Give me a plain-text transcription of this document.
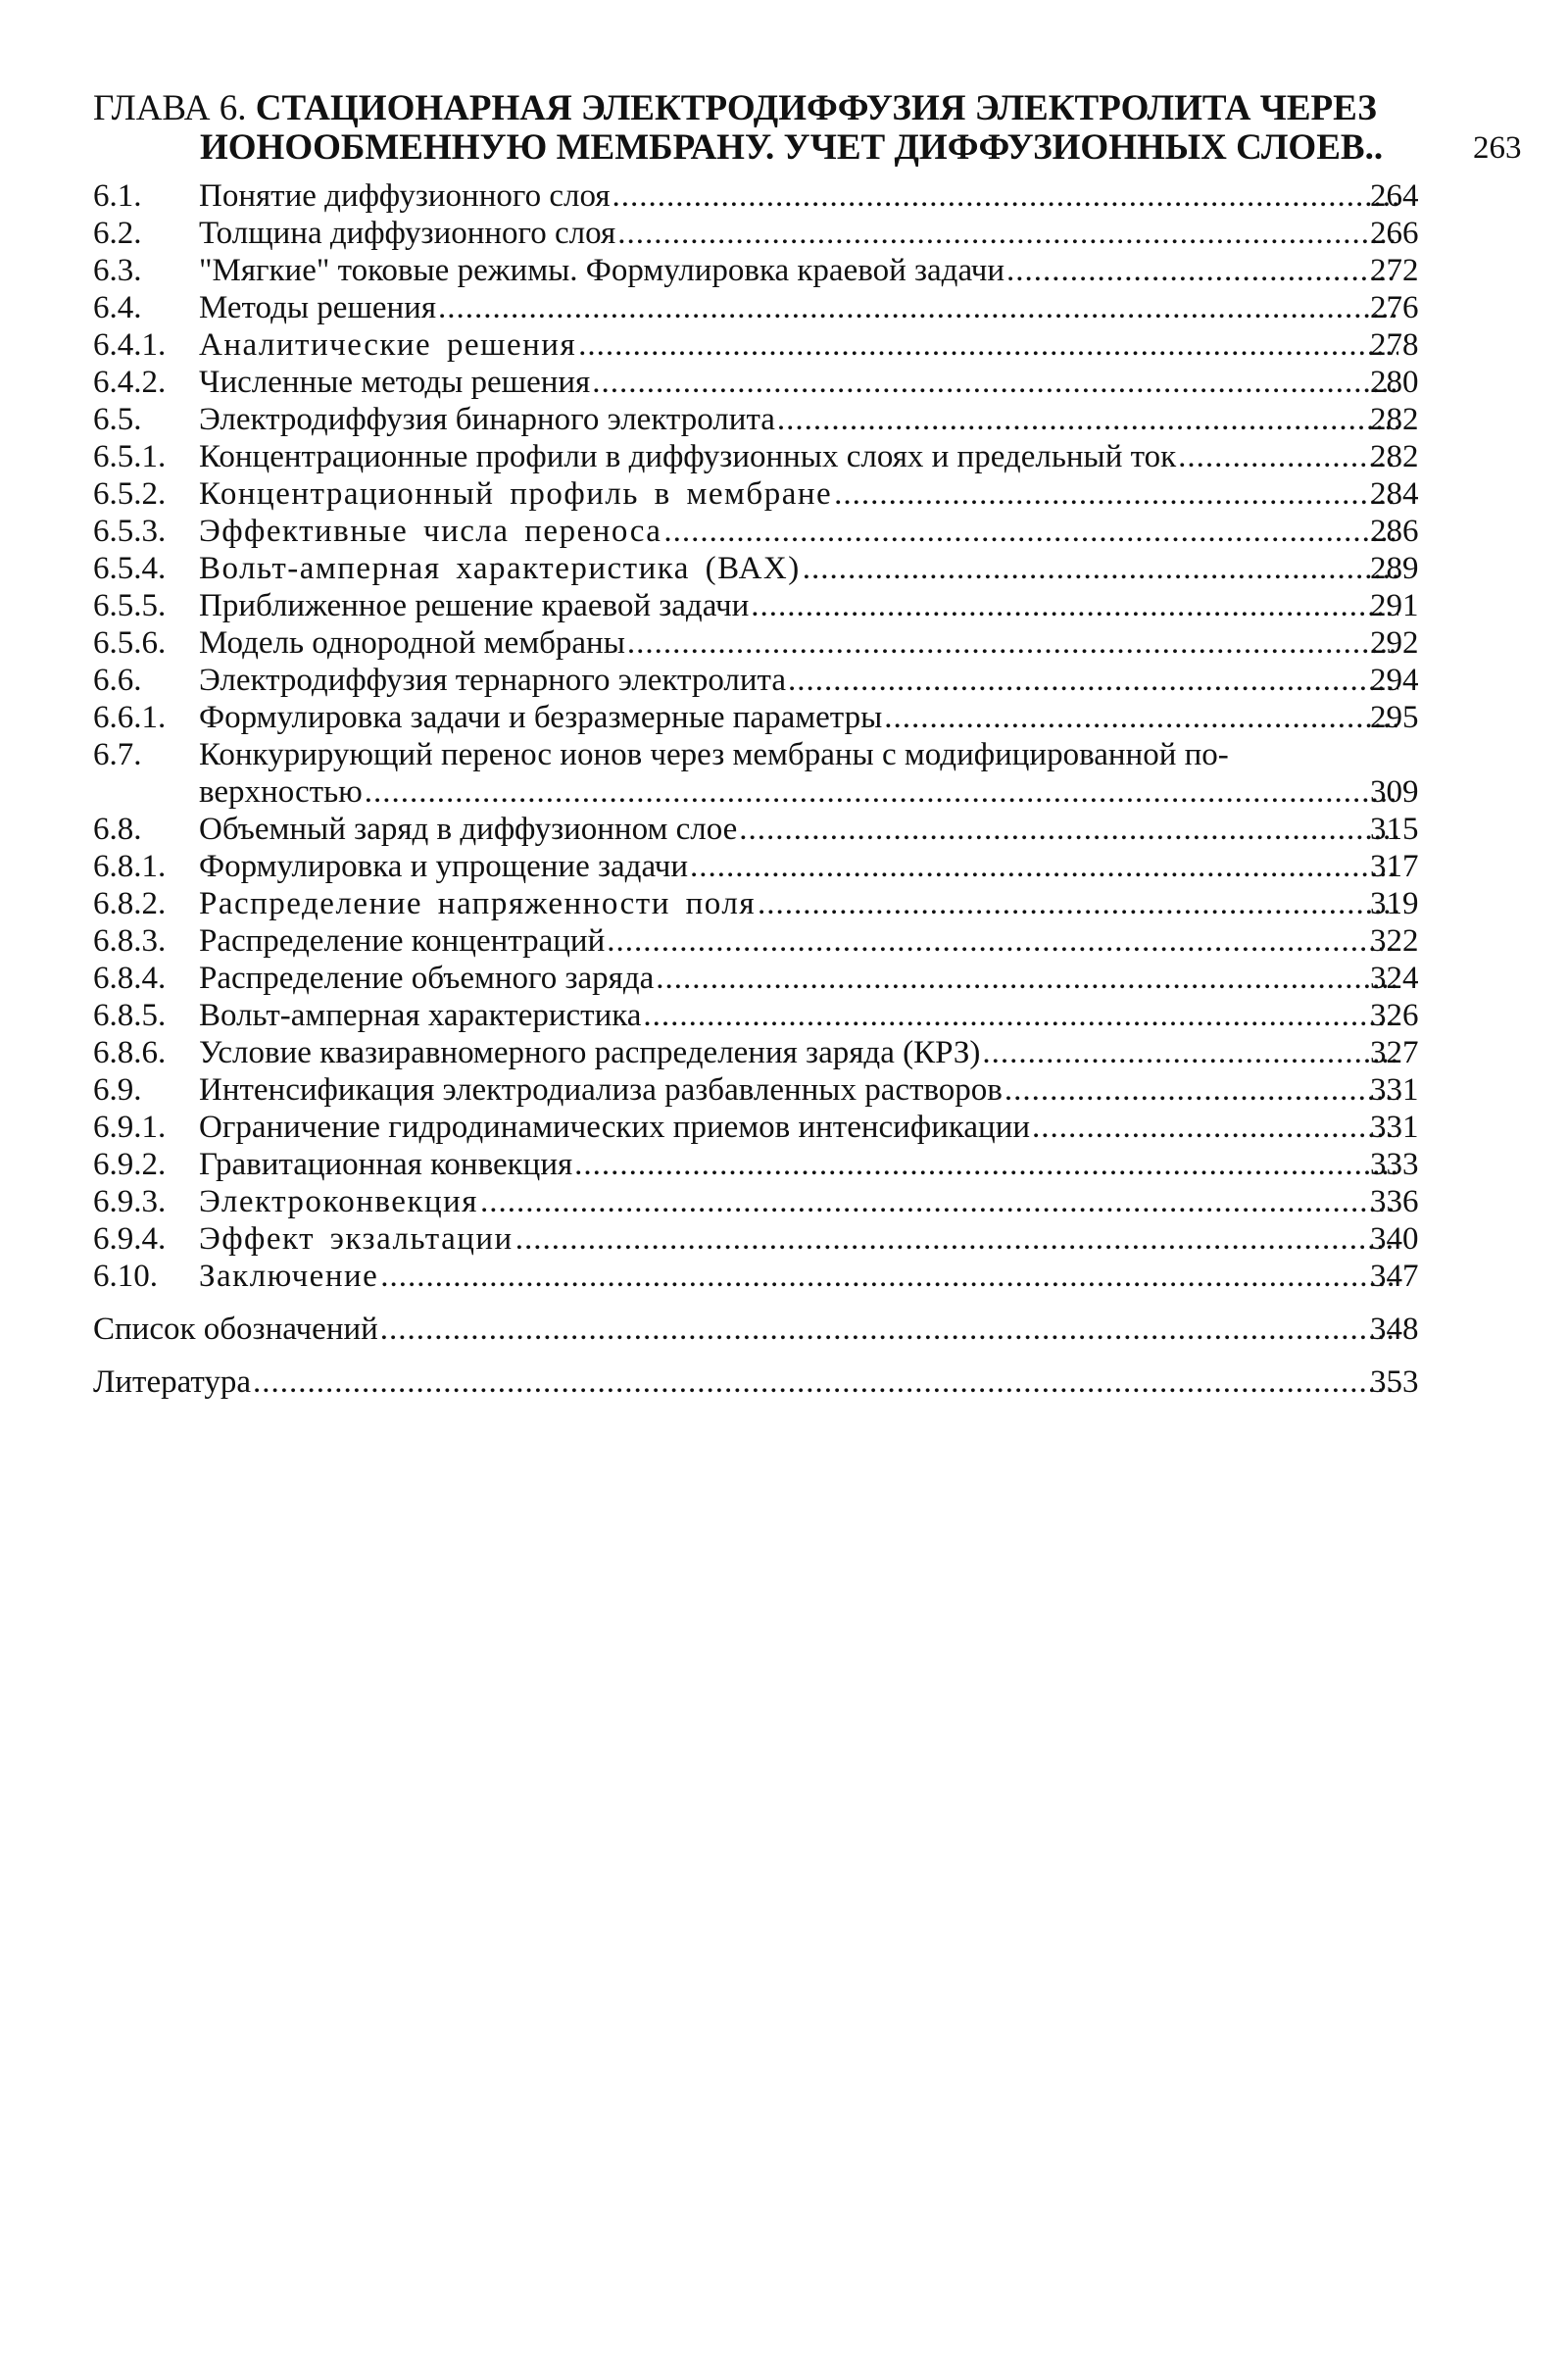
ГЛАВА 6. СТАЦИОНАРНАЯ ЭЛЕКТРОДИФФУЗИЯ ЭЛЕКТРОЛИТА ЧЕРЕЗ
ИОНООБМЕННУЮ МЕМБРАНУ. УЧЕТ ДИФФУЗИОННЫХ СЛОЕВ..	263
6.1. Понятие диффузионного слоя .....	264
6.2. Толщина диффузионного слоя .....	266
6.3. "Мягкие" токовые режимы. Формулировка краевой задачи .....	272
6.4. Методы решения .....	276
6.4.1. Аналитические решения .....	278
6.4.2. Численные методы решения .....	280
6.5. Электродиффузия бинарного электролита .....	282
6.5.1. Концентрационные профили в диффузионных слоях и предельный ток .....	282
6.5.2. Концентрационный профиль в мембране .....	284
6.5.3. Эффективные числа переноса .....	286
6.5.4. Вольт-амперная характеристика (ВАХ) .....	289
6.5.5. Приближенное решение краевой задачи .....	291
6.5.6. Модель однородной мембраны .....	292
6.6. Электродиффузия тернарного электролита .....	294
6.6.1. Формулировка задачи и безразмерные параметры .....	295
6.7. Конкурирующий перенос ионов через мембраны с модифицированной по-
верхностью .....	309
6.8. Объемный заряд в диффузионном слое .....	315
6.8.1. Формулировка и упрощение задачи .....	317
6.8.2. Распределение напряженности поля .....	319
6.8.3. Распределение концентраций .....	322
6.8.4. Распределение объемного заряда .....	324
6.8.5. Вольт-амперная характеристика .....	326
6.8.6. Условие квазиравномерного распределения заряда (КРЗ) .....	327
6.9. Интенсификация электродиализа разбавленных растворов .....	331
6.9.1. Ограничение гидродинамических приемов интенсификации .....	331
6.9.2. Гравитационная конвекция .....	333
6.9.3. Электроконвекция .....	336
6.9.4. Эффект экзальтации .....	340
6.10. Заключение .....	347
Список обозначений .....	348
Литература .....	353
